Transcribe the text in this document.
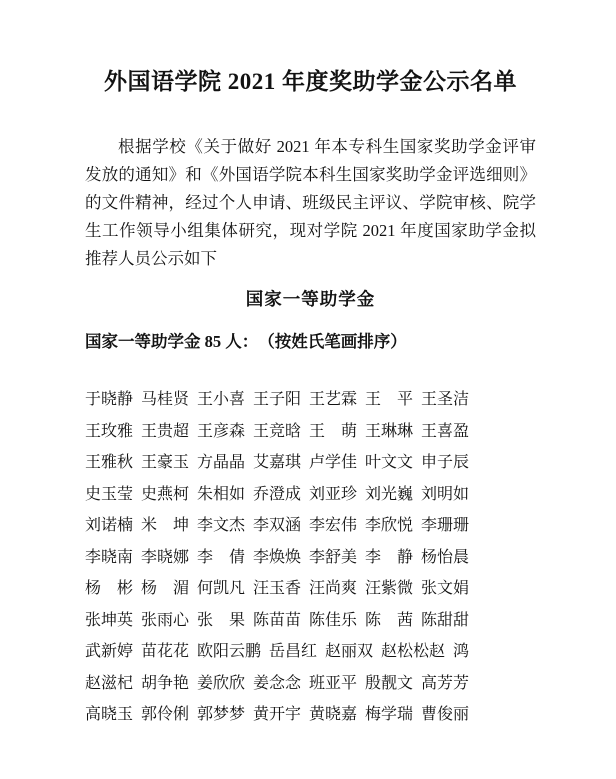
外国语学院 2021 年度奖助学金公示名单

根据学校《关于做好 2021 年本专科生国家奖助学金评审发放的通知》和《外国语学院本科生国家奖助学金评选细则》的文件精神，经过个人申请、班级民主评议、学院审核、院学生工作领导小组集体研究，现对学院 2021 年度国家助学金拟推荐人员公示如下

国家一等助学金
国家一等助学金 85 人：　（按姓氏笔画排序）
于晓静 马桂贤 王小喜 王子阳 王艺霖 王　平 王圣洁
王玫雅 王贵超 王彦森 王竞晗 王　萌 王琳琳 王喜盈
王雅秋 王豪玉 方晶晶 艾嘉琪 卢学佳 叶文文 申子辰
史玉莹 史燕柯 朱相如 乔澄成 刘亚珍 刘光巍 刘明如
刘诺楠 米　坤 李文杰 李双涵 李宏伟 李欣悦 李珊珊
李晓南 李晓娜 李　倩 李焕焕 李舒美 李　静 杨怡晨
杨　彬 杨　湄 何凯凡 汪玉香 汪尚爽 汪紫微 张文娟
张坤英 张雨心 张　果 陈苗苗 陈佳乐 陈　茜 陈甜甜
武新婷 苗花花 欧阳云鹏 岳昌红 赵丽双 赵松松赵 鸿
赵滋杞 胡争艳 姜欣欣 姜念念 班亚平 殷靓文 高芳芳
高晓玉 郭伶俐 郭梦梦 黄开宇 黄晓嘉 梅学瑞 曹俊丽
